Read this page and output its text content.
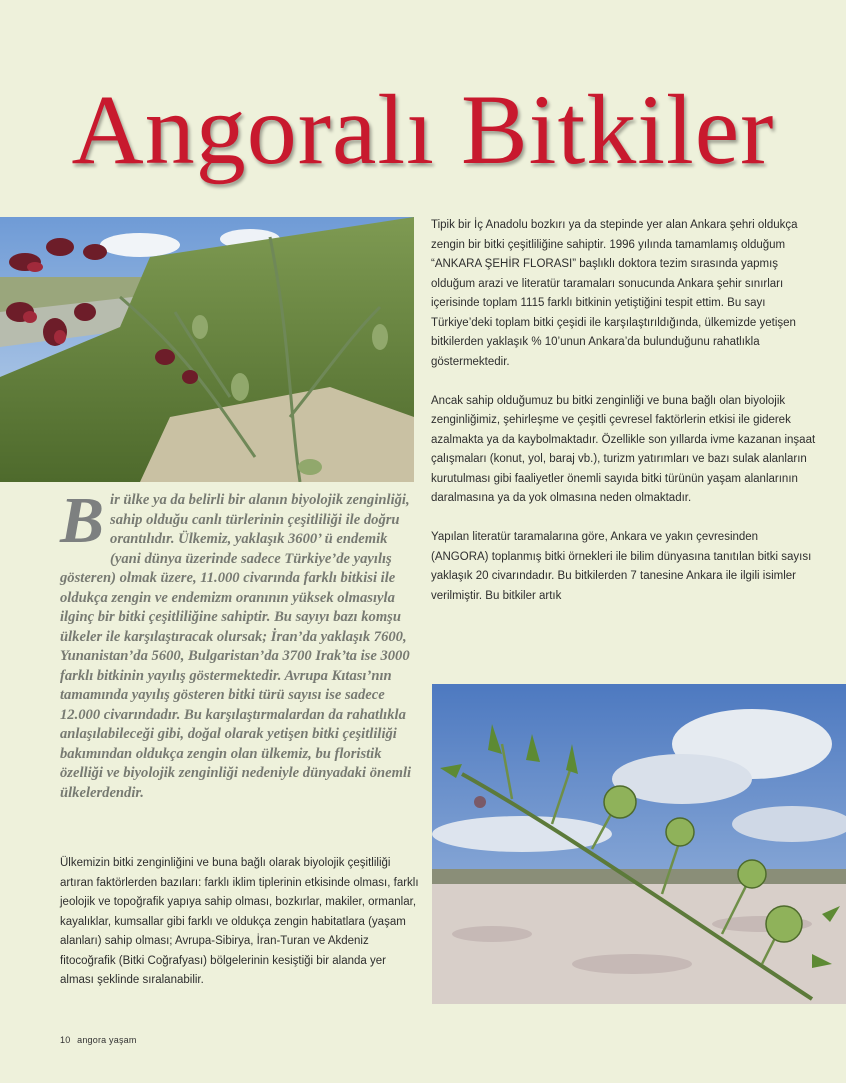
Angoralı Bitkiler

Bir ülke ya da belirli bir alanın biyolojik zenginliği, sahip olduğu canlı türlerinin çeşitliliği ile doğru orantılıdır. Ülkemiz, yaklaşık 3600’ ü endemik (yani dünya üzerinde sadece Türkiye’de yayılış gösteren) olmak üzere, 11.000 civarında farklı bitkisi ile oldukça zengin ve endemizm oranının yüksek olmasıyla ilginç bir bitki çeşitliliğine sahiptir. Bu sayıyı bazı komşu ülkeler ile karşılaştıracak olursak; İran’da yaklaşık 7600, Yunanistan’da 5600, Bulgaristan’da 3700 Irak’ta ise 3000 farklı bitkinin yayılış göstermektedir. Avrupa Kıtası’nın tamamında yayılış gösteren bitki türü sayısı ise sadece 12.000 civarındadır. Bu karşılaştırmalardan da rahatlıkla anlaşılabileceği gibi, doğal olarak yetişen bitki çeşitliliği bakımından oldukça zengin olan ülkemiz, bu floristik özelliği ve biyolojik zenginliği nedeniyle dünyadaki önemli ülkelerdendir.

Ülkemizin bitki zenginliğini ve buna bağlı olarak biyolojik çeşitliliği artıran faktörlerden bazıları: farklı iklim tiplerinin etkisinde olması, farklı jeolojik ve topoğrafik yapıya sahip olması, bozkırlar, makiler, ormanlar, kayalıklar, kumsallar gibi farklı ve oldukça zengin habitatlara (yaşam alanları) sahip olması; Avrupa-Sibirya, İran-Turan ve Akdeniz fitocoğrafik (Bitki Coğrafyası) bölgelerinin kesiştiği bir alanda yer alması şeklinde sıralanabilir.

Tipik bir İç Anadolu bozkırı ya da stepinde yer alan Ankara şehri oldukça zengin bir bitki çeşitliliğine sahiptir. 1996 yılında tamamlamış olduğum “ANKARA ŞEHİR FLORASI” başlıklı doktora tezim sırasında yapmış olduğum arazi ve literatür taramaları sonucunda Ankara şehir sınırları içerisinde toplam 1115 farklı bitkinin yetiştiğini tespit ettim. Bu sayı Türkiye’deki toplam bitki çeşidi ile karşılaştırıldığında, ülkemizde yetişen bitkilerden yaklaşık % 10’unun Ankara’da bulunduğunu rahatlıkla göstermektedir.

Ancak sahip olduğumuz bu bitki zenginliği ve buna bağlı olan biyolojik zenginliğimiz, şehirleşme ve çeşitli çevresel faktörlerin etkisi ile giderek azalmakta ya da kaybolmaktadır. Özellikle son yıllarda ivme kazanan inşaat çalışmaları (konut, yol, baraj vb.), turizm yatırımları ve bazı sulak alanların kurutulması gibi faaliyetler önemli sayıda bitki türünün yaşam alanlarının daralmasına ya da yok olmasına neden olmaktadır.

Yapılan literatür taramalarına göre, Ankara ve yakın çevresinden (ANGORA) toplanmış bitki örnekleri ile bilim dünyasına tanıtılan bitki sayısı yaklaşık 20 civarındadır. Bu bitkilerden 7 tanesine Ankara ile ilgili isimler verilmiştir. Bu bitkiler artık

10 angora yaşam
